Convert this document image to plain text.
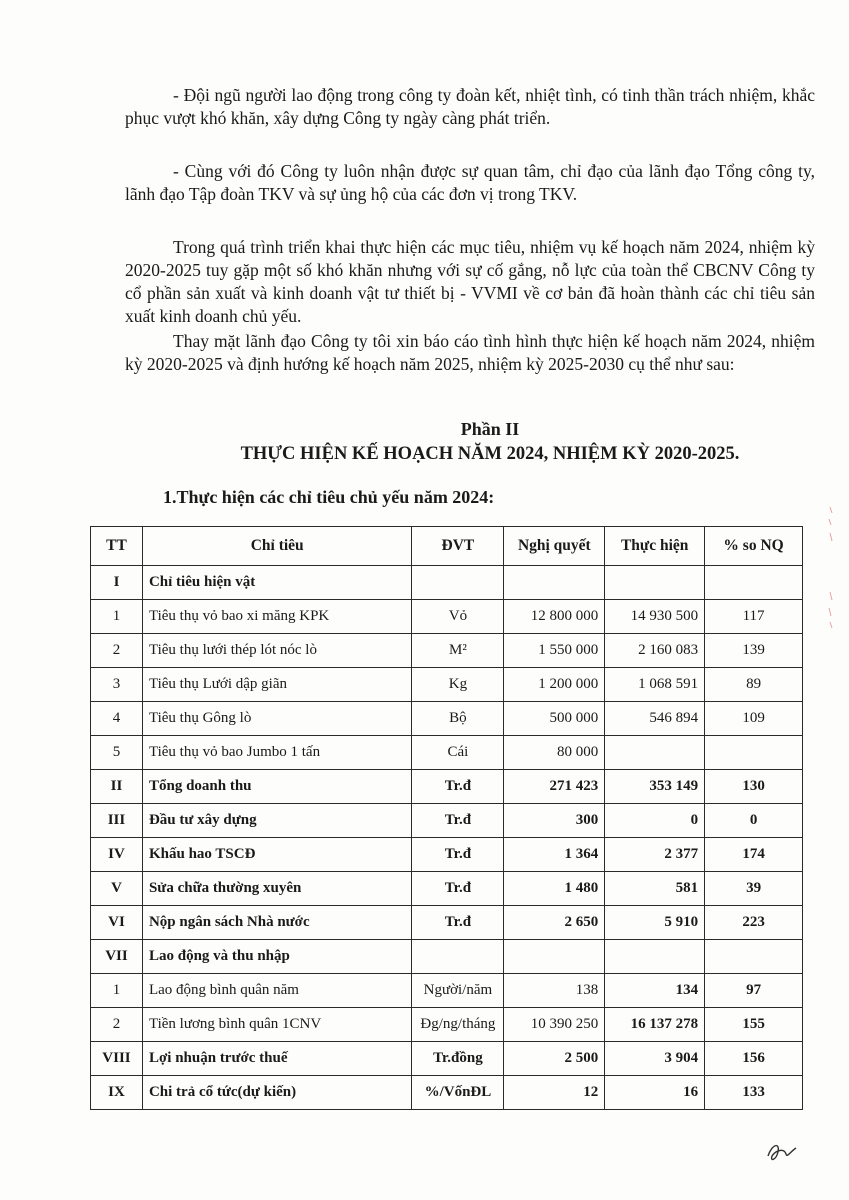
- Đội ngũ người lao động trong công ty đoàn kết, nhiệt tình, có tinh thần trách nhiệm, khắc phục vượt khó khăn, xây dựng Công ty ngày càng phát triển.
- Cùng với đó Công ty luôn nhận được sự quan tâm, chỉ đạo của lãnh đạo Tổng công ty, lãnh đạo Tập đoàn TKV và sự ủng hộ của các đơn vị trong TKV.
Trong quá trình triển khai thực hiện các mục tiêu, nhiệm vụ kế hoạch năm 2024, nhiệm kỳ 2020-2025 tuy gặp một số khó khăn nhưng với sự cố gắng, nỗ lực của toàn thể CBCNV Công ty cổ phần sản xuất và kinh doanh vật tư thiết bị - VVMI về cơ bản đã hoàn thành các chỉ tiêu sản xuất kinh doanh chủ yếu.
Thay mặt lãnh đạo Công ty tôi xin báo cáo tình hình thực hiện kế hoạch năm 2024, nhiệm kỳ 2020-2025 và định hướng kế hoạch năm 2025, nhiệm kỳ 2025-2030 cụ thể như sau:
Phần II
THỰC HIỆN KẾ HOẠCH NĂM 2024, NHIỆM KỲ 2020-2025.
1.Thực hiện các chỉ tiêu chủ yếu năm 2024:
TT	Chỉ tiêu	ĐVT	Nghị quyết	Thực hiện	% so NQ
I	Chỉ tiêu hiện vật				
1	Tiêu thụ vỏ bao xi măng KPK	Vỏ	12 800 000	14 930 500	117
2	Tiêu thụ lưới thép lót nóc lò	M²	1 550 000	2 160 083	139
3	Tiêu thụ Lưới dập giãn	Kg	1 200 000	1 068 591	89
4	Tiêu thụ Gông lò	Bộ	500 000	546 894	109
5	Tiêu thụ vỏ bao Jumbo 1 tấn	Cái	80 000		
II	Tổng doanh thu	Tr.đ	271 423	353 149	130
III	Đầu tư xây dựng	Tr.đ	300	0	0
IV	Khấu hao TSCĐ	Tr.đ	1 364	2 377	174
V	Sửa chữa thường xuyên	Tr.đ	1 480	581	39
VI	Nộp ngân sách Nhà nước	Tr.đ	2 650	5 910	223
VII	Lao động và thu nhập				
1	Lao động bình quân năm	Người/năm	138	134	97
2	Tiền lương bình quân 1CNV	Đg/ng/tháng	10 390 250	16 137 278	155
VIII	Lợi nhuận trước thuế	Tr.đồng	2 500	3 904	156
IX	Chi trả cổ tức(dự kiến)	%/VốnĐL	12	16	133
